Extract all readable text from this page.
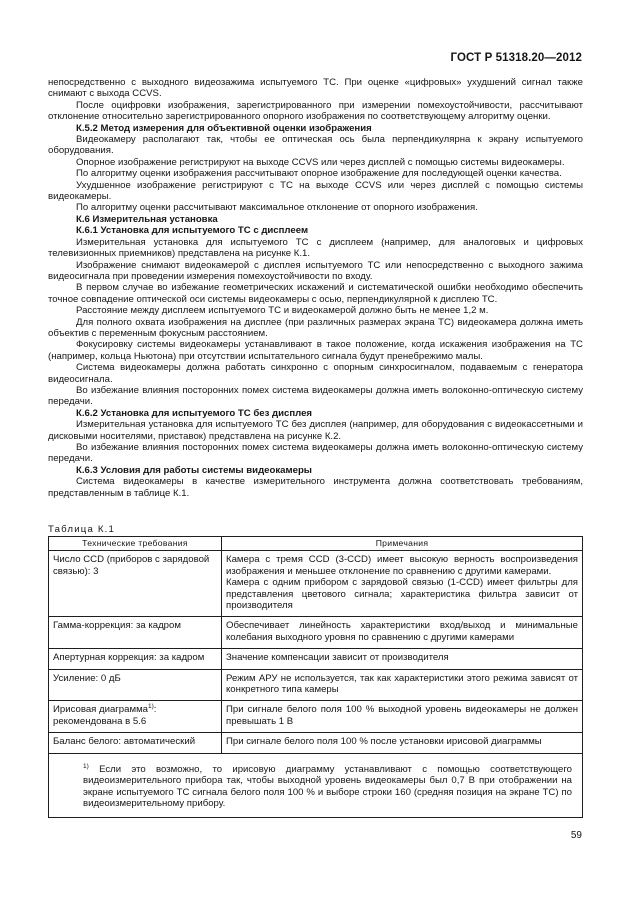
ГОСТ Р 51318.20—2012

непосредственно с выходного видеозажима испытуемого ТС. При оценке «цифровых» ухудшений сигнал также снимают с выхода CCVS.

После оцифровки изображения, зарегистрированного при измерении помехоустойчивости, рассчитывают отклонение относительно зарегистрированного опорного изображения по соответствующему алгоритму оценки.

К.5.2 Метод измерения для объективной оценки изображения

Видеокамеру располагают так, чтобы ее оптическая ось была перпендикулярна к экрану испытуемого оборудования.

Опорное изображение регистрируют на выходе CCVS или через дисплей с помощью системы видеокамеры.

По алгоритму оценки изображения рассчитывают опорное изображение для последующей оценки качества.

Ухудшенное изображение регистрируют с ТС на выходе CCVS или через дисплей с помощью системы видеокамеры.

По алгоритму оценки рассчитывают максимальное отклонение от опорного изображения.

К.6 Измерительная установка

К.6.1 Установка для испытуемого ТС с дисплеем

Измерительная установка для испытуемого ТС с дисплеем (например, для аналоговых и цифровых телевизионных приемников) представлена на рисунке К.1.

Изображение снимают видеокамерой с дисплея испытуемого ТС или непосредственно с выходного зажима видеосигнала при проведении измерения помехоустойчивости по входу.

В первом случае во избежание геометрических искажений и систематической ошибки необходимо обеспечить точное совпадение оптической оси системы видеокамеры с осью, перпендикулярной к дисплею ТС.

Расстояние между дисплеем испытуемого ТС и видеокамерой должно быть не менее 1,2 м.

Для полного охвата изображения на дисплее (при различных размерах экрана ТС) видеокамера должна иметь объектив с переменным фокусным расстоянием.

Фокусировку системы видеокамеры устанавливают в такое положение, когда искажения изображения на ТС (например, кольца Ньютона) при отсутствии испытательного сигнала будут пренебрежимо малы.

Система видеокамеры должна работать синхронно с опорным синхросигналом, подаваемым с генератора видеосигнала.

Во избежание влияния посторонних помех система видеокамеры должна иметь волоконно-оптическую систему передачи.

К.6.2 Установка для испытуемого ТС без дисплея

Измерительная установка для испытуемого ТС без дисплея (например, для оборудования с видеокассетными и дисковыми носителями, приставок) представлена на рисунке К.2.

Во избежание влияния посторонних помех система видеокамеры должна иметь волоконно-оптическую систему передачи.

К.6.3 Условия для работы системы видеокамеры

Система видеокамеры в качестве измерительного инструмента должна соответствовать требованиям, представленным в таблице К.1.

Таблица К.1
Технические требования	Примечания
Число CCD (приборов с зарядовой связью): 3	Камера с тремя CCD (3-CCD) имеет высокую верность воспроизведения изображения и меньшее отклонение по сравнению с другими камерами.
Камера с одним прибором с зарядовой связью (1-CCD) имеет фильтры для представления цветового сигнала; характеристика фильтра зависит от производителя

Гамма-коррекция: за кадром	Обеспечивает линейность характеристики вход/выход и минимальные колебания выходного уровня по сравнению с другими камерами
Апертурная коррекция: за кадром	Значение компенсации зависит от производителя
Усиление: 0 дБ	Режим АРУ не используется, так как характеристики этого режима зависят от конкретного типа камеры
Ирисовая диаграмма$^{1)}$: рекомендована в 5.6	При сигнале белого поля 100 % выходной уровень видеокамеры не должен превышать 1 В
Баланс белого: автоматический	При сигнале белого поля 100 % после установки ирисовой диаграммы

$^{1)}$ Если это возможно, то ирисовую диаграмму устанавливают с помощью соответствующего видеоизмерительного прибора так, чтобы выходной уровень видеокамеры был 0,7 В при отображении на экране испытуемого ТС сигнала белого поля 100 % и выборе строки 160 (средняя позиция на экране ТС) по видеоизмерительному прибору.	
59
